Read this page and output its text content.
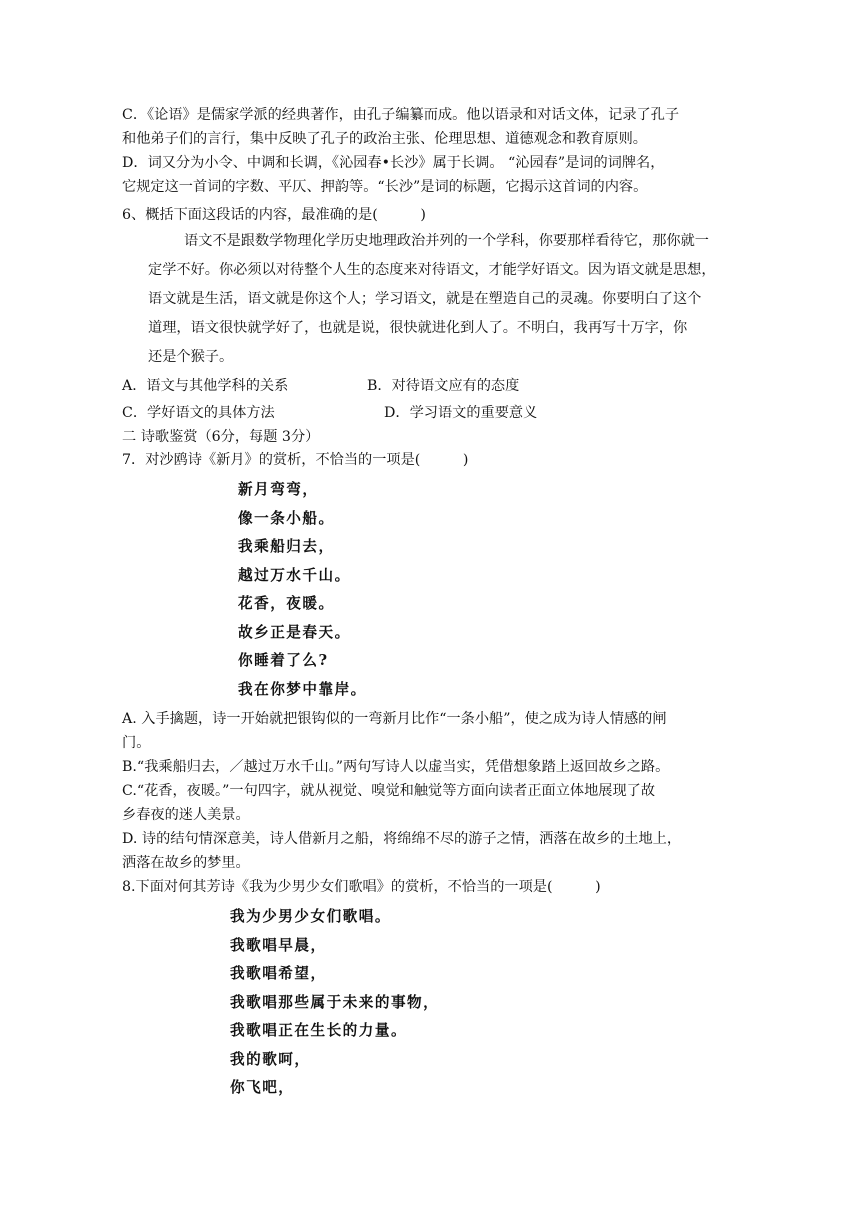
C．《论语》是儒家学派的经典著作，由孔子编纂而成。他以语录和对话文体，记录了孔子

和他弟子们的言行，集中反映了孔子的政治主张、伦理思想、道德观念和教育原则。

D．词又分为小令、中调和长调，《沁园春•长沙》属于长调。 “沁园春”是词的词牌名，

它规定这一首词的字数、平仄、押韵等。“长沙”是词的标题，它揭示这首词的内容。

6、概括下面这段话的内容，最准确的是(　　　)

语文不是跟数学物理化学历史地理政治并列的一个学科，你要那样看待它，那你就一

定学不好。你必须以对待整个人生的态度来对待语文，才能学好语文。因为语文就是思想，

语文就是生活，语文就是你这个人；学习语文，就是在塑造自己的灵魂。你要明白了这个

道理，语文很快就学好了，也就是说，很快就进化到人了。不明白，我再写十万字，你

还是个猴子。

A．语文与其他学科的关系	B．对待语文应有的态度
C．学好语文的具体方法	D．学习语文的重要意义
二 诗歌鉴赏（6分，每题 3分）

7．对沙鸥诗《新月》的赏析，不恰当的一项是(　　　)

新月弯弯，

像一条小船。

我乘船归去，

越过万水千山。

花香，夜暖。

故乡正是春天。

你睡着了么?

我在你梦中靠岸。

A. 入手擒题，诗一开始就把银钩似的一弯新月比作“一条小船”，使之成为诗人情感的闸

门。

B.“我乘船归去，／越过万水千山。”两句写诗人以虚当实，凭借想象踏上返回故乡之路。

C.“花香，夜暖。”一句四字，就从视觉、嗅觉和触觉等方面向读者正面立体地展现了故

乡春夜的迷人美景。

D. 诗的结句情深意美，诗人借新月之船，将绵绵不尽的游子之情，洒落在故乡的土地上，

洒落在故乡的梦里。

8.下面对何其芳诗《我为少男少女们歌唱》的赏析，不恰当的一项是(　　　)

我为少男少女们歌唱。

我歌唱早晨，

我歌唱希望，

我歌唱那些属于未来的事物，

我歌唱正在生长的力量。

我的歌呵，

你飞吧，
